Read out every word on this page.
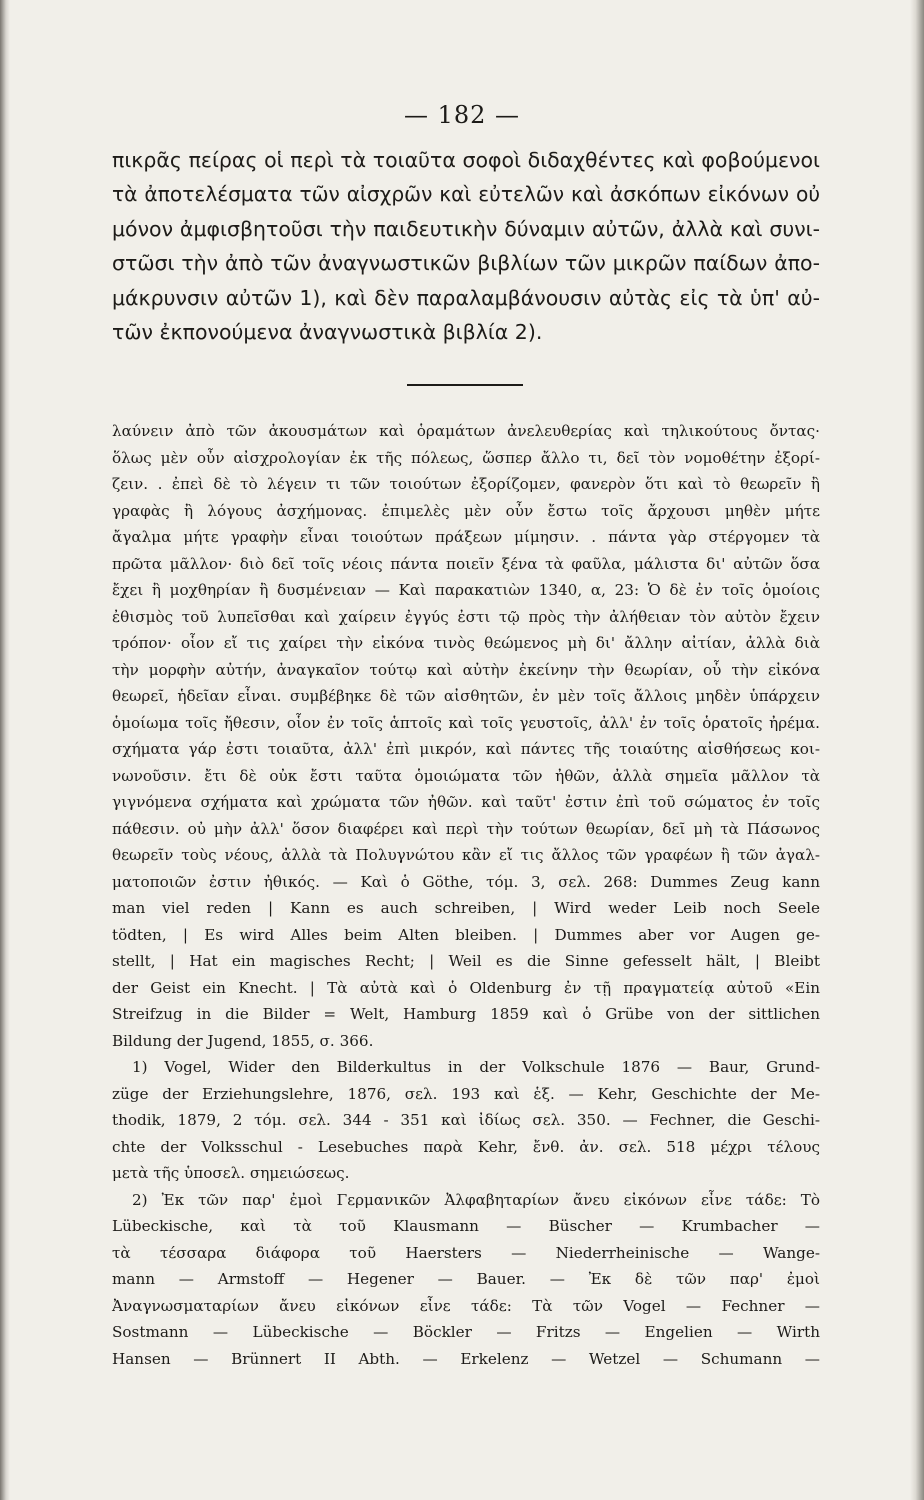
— 182 —
πικρᾶς πείρας οἱ περὶ τὰ τοιαῦτα σοφοὶ διδαχθέντες καὶ φοβούμενοι
τὰ ἀποτελέσματα τῶν αἰσχρῶν καὶ εὐτελῶν καὶ ἀσκόπων εἰκόνων οὐ
μόνον ἀμφισβητοῦσι τὴν παιδευτικὴν δύναμιν αὐτῶν, ἀλλὰ καὶ συνι-
στῶσι τὴν ἀπὸ τῶν ἀναγνωστικῶν βιβλίων τῶν μικρῶν παίδων ἀπο-
μάκρυνσιν αὐτῶν 1), καὶ δὲν παραλαμβάνουσιν αὐτὰς εἰς τὰ ὑπ' αὐ-
τῶν ἐκπονούμενα ἀναγνωστικὰ βιβλία 2).
λαύνειν ἀπὸ τῶν ἀκουσμάτων καὶ ὁραμάτων ἀνελευθερίας καὶ τηλικούτους ὄντας·
ὅλως μὲν οὖν αἰσχρολογίαν ἐκ τῆς πόλεως, ὥσπερ ἄλλο τι, δεῖ τὸν νομοθέτην ἐξορί-
ζειν. . ἐπεὶ δὲ τὸ λέγειν τι τῶν τοιούτων ἐξορίζομεν, φανερὸν ὅτι καὶ τὸ θεωρεῖν ἢ
γραφὰς ἢ λόγους ἀσχήμονας. ἐπιμελὲς μὲν οὖν ἔστω τοῖς ἄρχουσι μηθὲν μήτε
ἄγαλμα μήτε γραφὴν εἶναι τοιούτων πράξεων μίμησιν. . πάντα γὰρ στέργομεν τὰ
πρῶτα μᾶλλον· διὸ δεῖ τοῖς νέοις πάντα ποιεῖν ξένα τὰ φαῦλα, μάλιστα δι' αὐτῶν ὅσα
ἔχει ἢ μοχθηρίαν ἢ δυσμένειαν — Καὶ παρακατιὼν 1340, α, 23: Ὁ δὲ ἐν τοῖς ὁμοίοις
ἐθισμὸς τοῦ λυπεῖσθαι καὶ χαίρειν ἐγγύς ἐστι τῷ πρὸς τὴν ἀλήθειαν τὸν αὐτὸν ἔχειν
τρόπον· οἷον εἴ τις χαίρει τὴν εἰκόνα τινὸς θεώμενος μὴ δι' ἄλλην αἰτίαν, ἀλλὰ διὰ
τὴν μορφὴν αὐτήν, ἀναγκαῖον τούτῳ καὶ αὐτὴν ἐκείνην τὴν θεωρίαν, οὗ τὴν εἰκόνα
θεωρεῖ, ἡδεῖαν εἶναι. συμβέβηκε δὲ τῶν αἰσθητῶν, ἐν μὲν τοῖς ἄλλοις μηδὲν ὑπάρχειν
ὁμοίωμα τοῖς ἤθεσιν, οἷον ἐν τοῖς ἁπτοῖς καὶ τοῖς γευστοῖς, ἀλλ' ἐν τοῖς ὁρατοῖς ἠρέμα.
σχήματα γάρ ἐστι τοιαῦτα, ἀλλ' ἐπὶ μικρόν, καὶ πάντες τῆς τοιαύτης αἰσθήσεως κοι-
νωνοῦσιν. ἔτι δὲ οὐκ ἔστι ταῦτα ὁμοιώματα τῶν ἠθῶν, ἀλλὰ σημεῖα μᾶλλον τὰ
γιγνόμενα σχήματα καὶ χρώματα τῶν ἠθῶν. καὶ ταῦτ' ἐστιν ἐπὶ τοῦ σώματος ἐν τοῖς
πάθεσιν. οὐ μὴν ἀλλ' ὅσον διαφέρει καὶ περὶ τὴν τούτων θεωρίαν, δεῖ μὴ τὰ Πάσωνος
θεωρεῖν τοὺς νέους, ἀλλὰ τὰ Πολυγνώτου κἂν εἴ τις ἄλλος τῶν γραφέων ἢ τῶν ἀγαλ-
ματοποιῶν ἐστιν ἠθικός. — Καὶ ὁ Göthe, τόμ. 3, σελ. 268: Dummes Zeug kann
man viel reden | Kann es auch schreiben, | Wird weder Leib noch Seele
tödten, | Es wird Alles beim Alten bleiben. | Dummes aber vor Augen ge-
stellt, | Hat ein magisches Recht; | Weil es die Sinne gefesselt hält, | Bleibt
der Geist ein Knecht. | Τὰ αὐτὰ καὶ ὁ Oldenburg ἐν τῇ πραγματείᾳ αὐτοῦ «Ein
Streifzug in die Bilder = Welt, Hamburg 1859 καὶ ὁ Grübe von der sittlichen
Bildung der Jugend, 1855, σ. 366.
1) Vogel, Wider den Bilderkultus in der Volkschule 1876 — Baur, Grund-
züge der Erziehungslehre, 1876, σελ. 193 καὶ ἑξ. — Kehr, Geschichte der Me-
thodik, 1879, 2 τόμ. σελ. 344 - 351 καὶ ἰδίως σελ. 350. — Fechner, die Geschi-
chte der Volksschul - Lesebuches παρὰ Kehr, ἔνθ. ἀν. σελ. 518 μέχρι τέλους
μετὰ τῆς ὑποσελ. σημειώσεως.
2) Ἐκ τῶν παρ' ἐμοὶ Γερμανικῶν Ἀλφαβηταρίων ἄνευ εἰκόνων εἶνε τάδε: Τὸ
Lübeckische, καὶ τὰ τοῦ Klausmann — Büscher — Krumbacher —
τὰ τέσσαρα διάφορα τοῦ Haersters — Niederrheinische — Wange-
mann — Armstoff — Hegener — Bauer. — Ἐκ δὲ τῶν παρ' ἐμοὶ
Ἀναγνωσματαρίων ἄνευ εἰκόνων εἶνε τάδε: Τὰ τῶν Vogel — Fechner —
Sostmann — Lübeckische — Böckler — Fritzs — Engelien — Wirth
Hansen — Brünnert II Abth. — Erkelenz — Wetzel — Schumann —
